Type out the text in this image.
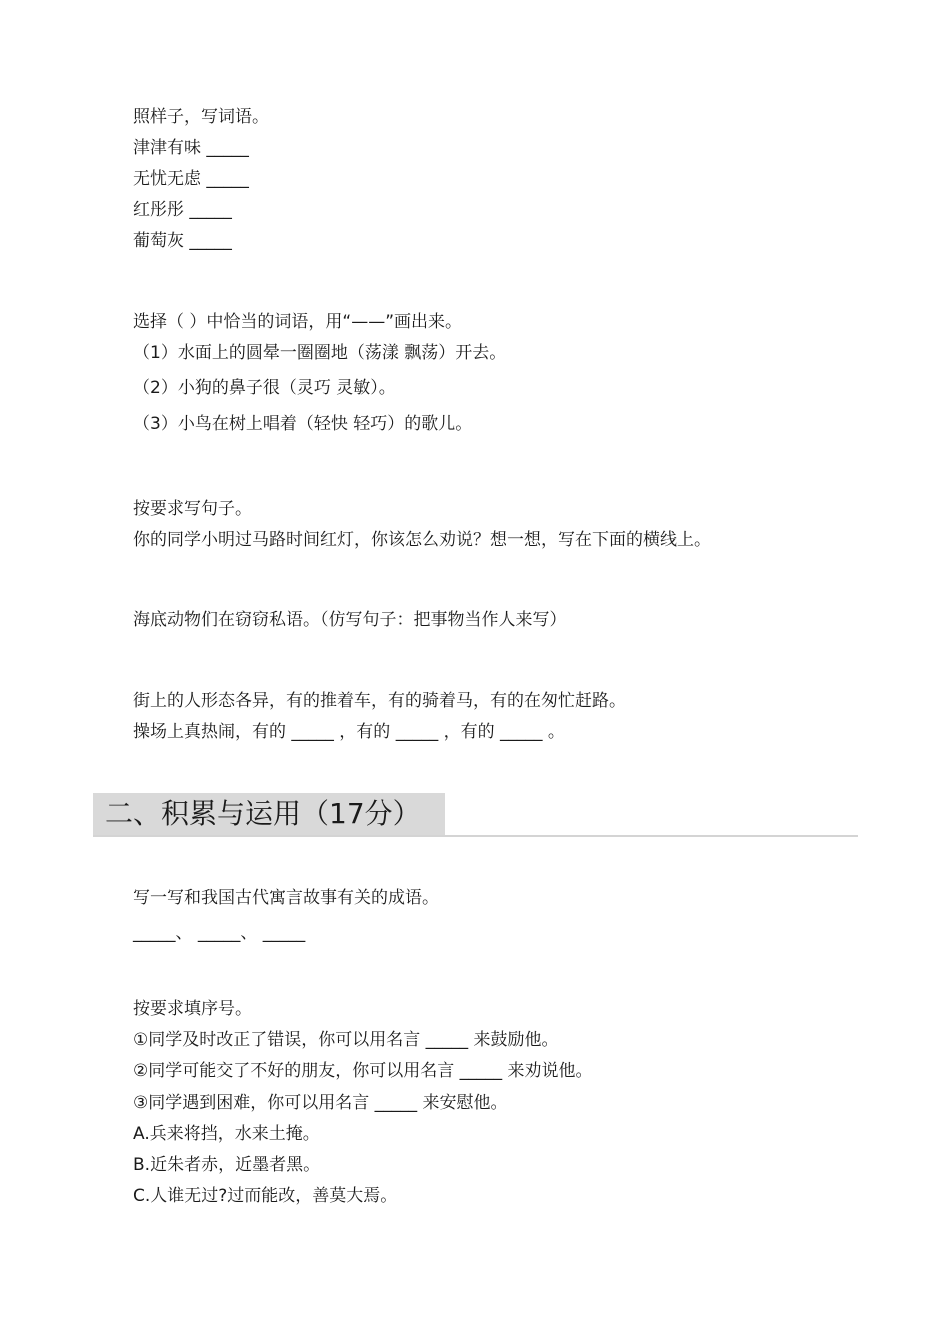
照样子，写词语。
津津有味 _____
无忧无虑 _____
红彤彤 _____
葡萄灰 _____
选择（ ）中恰当的词语，用“——”画出来。
（1）水面上的圆晕一圈圈地（荡漾 飘荡）开去。
（2）小狗的鼻子很（灵巧 灵敏）。
（3）小鸟在树上唱着（轻快 轻巧）的歌儿。
按要求写句子。
你的同学小明过马路时间红灯，你该怎么劝说？想一想，写在下面的横线上。
海底动物们在窃窃私语。（仿写句子：把事物当作人来写）
街上的人形态各异，有的推着车，有的骑着马，有的在匆忙赶路。
操场上真热闹，有的 _____ ，有的 _____ ，有的 _____ 。
二、积累与运用（17分）
写一写和我国古代寓言故事有关的成语。
_____、 _____、 _____
按要求填序号。
①同学及时改正了错误，你可以用名言 _____ 来鼓励他。
②同学可能交了不好的朋友，你可以用名言 _____ 来劝说他。
③同学遇到困难，你可以用名言 _____ 来安慰他。
A.兵来将挡，水来土掩。
B.近朱者赤，近墨者黑。
C.人谁无过?过而能改，善莫大焉。
